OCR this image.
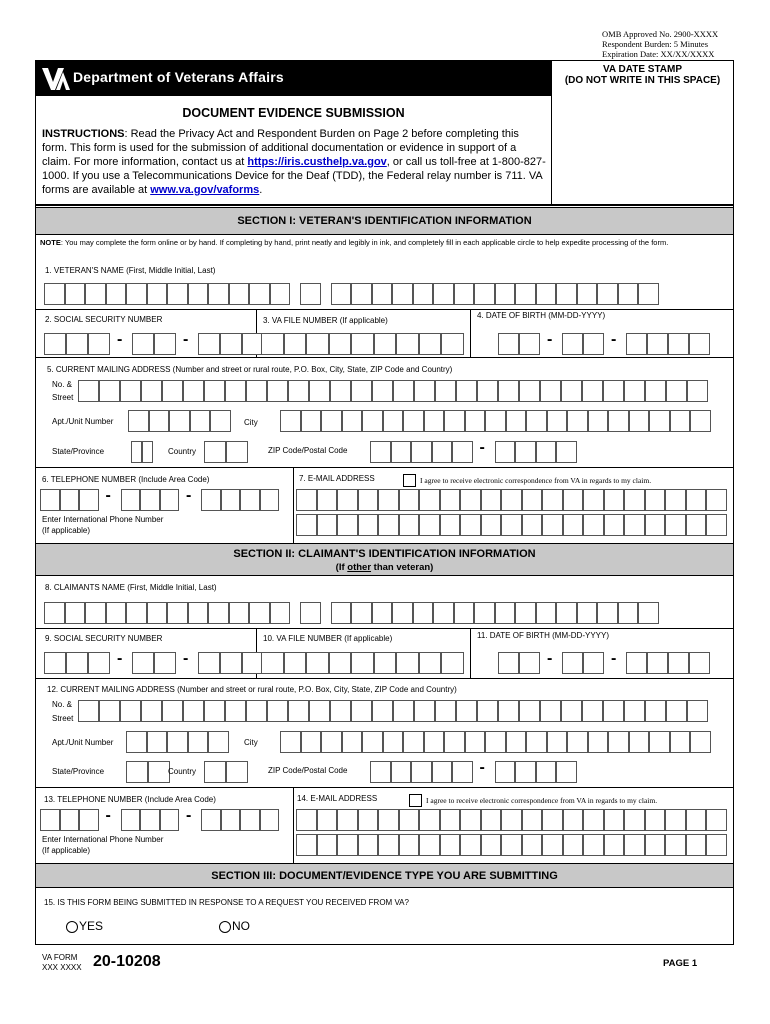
OMB Approved No. 2900-XXXX
Respondent Burden: 5 Minutes
Expiration Date: XX/XX/XXXX
Department of Veterans Affairs	VA DATE STAMP
(DO NOT WRITE IN THIS SPACE)
DOCUMENT EVIDENCE SUBMISSION
INSTRUCTIONS: Read the Privacy Act and Respondent Burden on Page 2 before completing this form. This form is used for the submission of additional documentation or evidence in support of a claim. For more information, contact us at https://iris.custhelp.va.gov, or call us toll-free at 1-800-827-1000. If you use a Telecommunications Device for the Deaf (TDD), the Federal relay number is 711. VA forms are available at www.va.gov/vaforms.
SECTION I: VETERAN'S IDENTIFICATION INFORMATION
NOTE: You may complete the form online or by hand. If completing by hand, print neatly and legibly in ink, and completely fill in each applicable circle to help expedite processing of the form.
1. VETERAN'S NAME (First, Middle Initial, Last)
2. SOCIAL SECURITY NUMBER	3. VA FILE NUMBER (If applicable)
4. DATE OF BIRTH (MM-DD-YYYY)
-	-	-	-
5. CURRENT MAILING ADDRESS (Number and street or rural route, P.O. Box, City, State, ZIP Code and Country)
No. &
Street
Apt./Unit Number	City
State/Province	Country	ZIP Code/Postal Code	-
6. TELEPHONE NUMBER (Include Area Code)	7. E-MAIL ADDRESS	I agree to receive electronic correspondence from VA in regards to my claim.
-	-
Enter International Phone Number
(If applicable)
SECTION II: CLAIMANT'S IDENTIFICATION INFORMATION
(If other than veteran)
8. CLAIMANTS NAME (First, Middle Initial, Last)
9. SOCIAL SECURITY NUMBER	10. VA FILE NUMBER (If applicable)	11. DATE OF BIRTH (MM-DD-YYYY)
-	-	-	-
12. CURRENT MAILING ADDRESS (Number and street or rural route, P.O. Box, City, State, ZIP Code and Country)
No. &
Street
Apt./Unit Number	City
State/Province	Country	ZIP Code/Postal Code	-
13. TELEPHONE NUMBER (Include Area Code)	14. E-MAIL ADDRESS	I agree to receive electronic correspondence from VA in regards to my claim.
-	-
Enter International Phone Number
(If applicable)
SECTION III: DOCUMENT/EVIDENCE TYPE YOU ARE SUBMITTING
15. IS THIS FORM BEING SUBMITTED IN RESPONSE TO A REQUEST YOU RECEIVED FROM VA?
YES	NO
VA FORM
XXX XXXX 20-10208	PAGE 1
